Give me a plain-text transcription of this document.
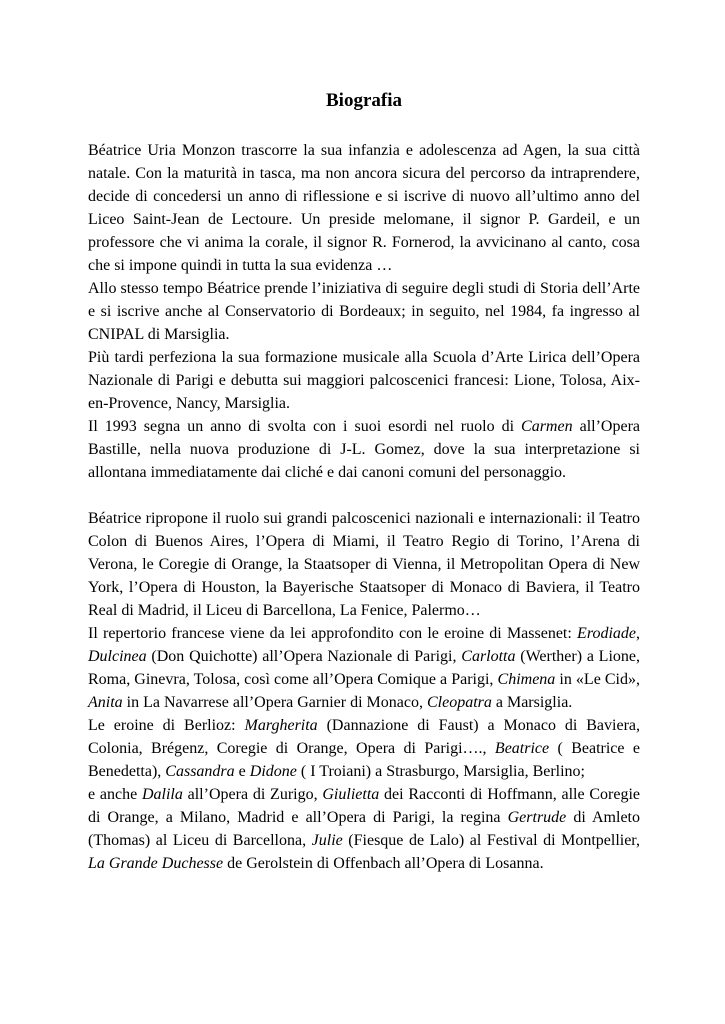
Biografia

Béatrice Uria Monzon trascorre la sua infanzia e adolescenza ad Agen, la sua città natale. Con la maturità in tasca, ma non ancora sicura del percorso da intraprendere, decide di concedersi un anno di riflessione e si iscrive di nuovo all’ultimo anno del Liceo Saint-Jean de Lectoure. Un preside melomane, il signor P. Gardeil, e un professore che vi anima la corale, il signor R. Fornerod, la avvicinano al canto, cosa che si impone quindi in tutta la sua evidenza …

Allo stesso tempo Béatrice prende l’iniziativa di seguire degli studi di Storia dell’Arte e si iscrive anche al Conservatorio di Bordeaux; in seguito, nel 1984, fa ingresso al CNIPAL di Marsiglia.

Più tardi perfeziona la sua formazione musicale alla Scuola d’Arte Lirica dell’Opera Nazionale di Parigi e debutta sui maggiori palcoscenici francesi: Lione, Tolosa, Aix-en-Provence, Nancy, Marsiglia.

Il 1993 segna un anno di svolta con i suoi esordi nel ruolo di Carmen all’Opera Bastille, nella nuova produzione di J-L. Gomez, dove la sua interpretazione si allontana immediatamente dai cliché e dai canoni comuni del personaggio.

Béatrice ripropone il ruolo sui grandi palcoscenici nazionali e internazionali: il Teatro Colon di Buenos Aires, l’Opera di Miami, il Teatro Regio di Torino, l’Arena di Verona, le Coregie di Orange, la Staatsoper di Vienna, il Metropolitan Opera di New York, l’Opera di Houston, la Bayerische Staatsoper di Monaco di Baviera, il Teatro Real di Madrid, il Liceu di Barcellona, La Fenice, Palermo…

Il repertorio francese viene da lei approfondito con le eroine di Massenet: Erodiade, Dulcinea (Don Quichotte) all’Opera Nazionale di Parigi, Carlotta (Werther) a Lione, Roma, Ginevra, Tolosa, così come all’Opera Comique a Parigi, Chimena in «Le Cid», Anita in La Navarrese all’Opera Garnier di Monaco, Cleopatra a Marsiglia.

Le eroine di Berlioz: Margherita (Dannazione di Faust) a Monaco di Baviera, Colonia, Brégenz, Coregie di Orange, Opera di Parigi…., Beatrice ( Beatrice e Benedetta), Cassandra e Didone ( I Troiani) a Strasburgo, Marsiglia, Berlino;

e anche Dalila all’Opera di Zurigo, Giulietta dei Racconti di Hoffmann, alle Coregie di Orange, a Milano, Madrid e all’Opera di Parigi, la regina Gertrude di Amleto (Thomas) al Liceu di Barcellona, Julie (Fiesque de Lalo) al Festival di Montpellier, La Grande Duchesse de Gerolstein di Offenbach all’Opera di Losanna.
